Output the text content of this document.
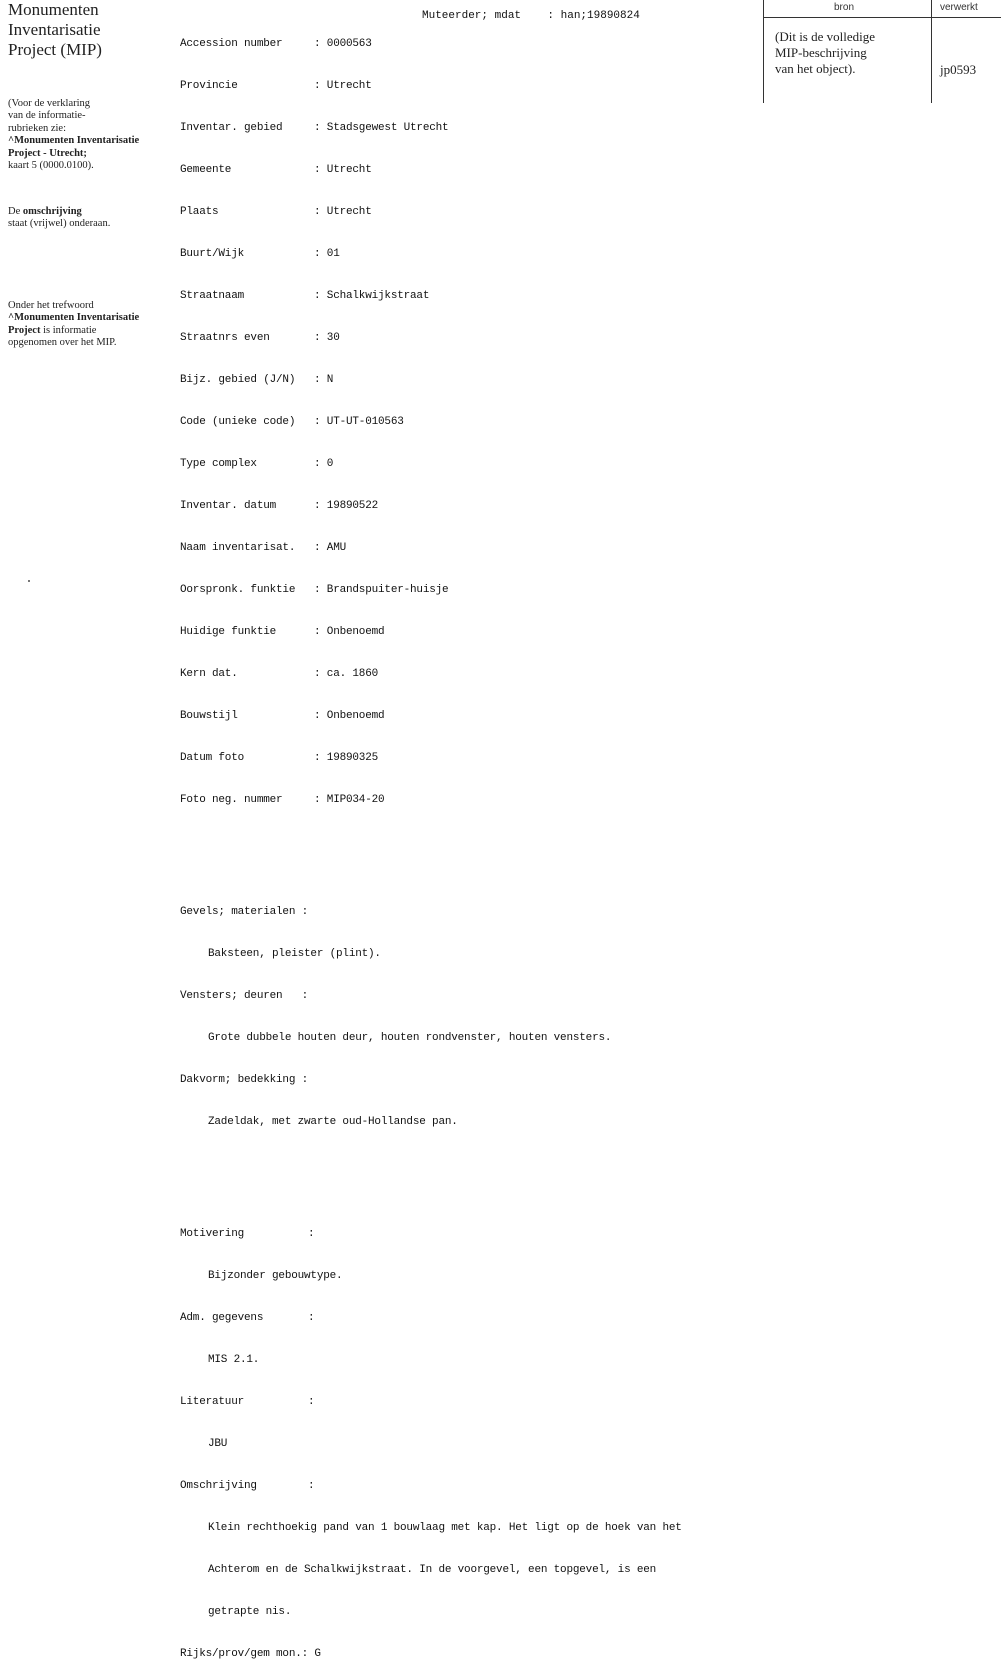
Monumenten
Inventarisatie
Project (MIP)
(Voor de verklaring
van de informatie-
rubrieken zie:
^Monumenten Inventarisatie
Project - Utrecht;
kaart 5 (0000.0100).
De omschrijving
staat (vrijwel) onderaan.
Onder het trefwoord
^Monumenten Inventarisatie
Project is informatie
opgenomen over het MIP.
Muteerder; mdat    : han;19890824

Accession number	: 0000563

Provincie	: Utrecht

Inventar. gebied	: Stadsgewest Utrecht

Gemeente	: Utrecht

Plaats	: Utrecht

Buurt/Wijk	: 01

Straatnaam	: Schalkwijkstraat

Straatnrs even	: 30

Bijz. gebied (J/N) : N

Code (unieke code) : UT-UT-010563

Type complex	: 0

Inventar. datum	: 19890522

Naam inventarisat. : AMU

Oorspronk. funktie : Brandspuiter-huisje

Huidige funktie	: Onbenoemd

Kern dat.	: ca. 1860

Bouwstijl	: Onbenoemd

Datum foto	: 19890325

Foto neg. nummer	: MIP034-20

Gevels; materialen :

Baksteen, pleister (plint).

Vensters; deuren   :

Grote dubbele houten deur, houten rondvenster, houten vensters.

Dakvorm; bedekking :

Zadeldak, met zwarte oud-Hollandse pan.

Motivering          :

Bijzonder gebouwtype.

Adm. gegevens       :

MIS 2.1.

Literatuur          :

JBU

Omschrijving        :

Klein rechthoekig pand van 1 bouwlaag met kap. Het ligt op de hoek van het

Achterom en de Schalkwijkstraat. In de voorgevel, een topgevel, is een

getrapte nis.

Rijks/prov/gem mon.: G

bron	verwerkt
(Dit is de volledige
MIP-beschrijving
van het object).	jp0593
